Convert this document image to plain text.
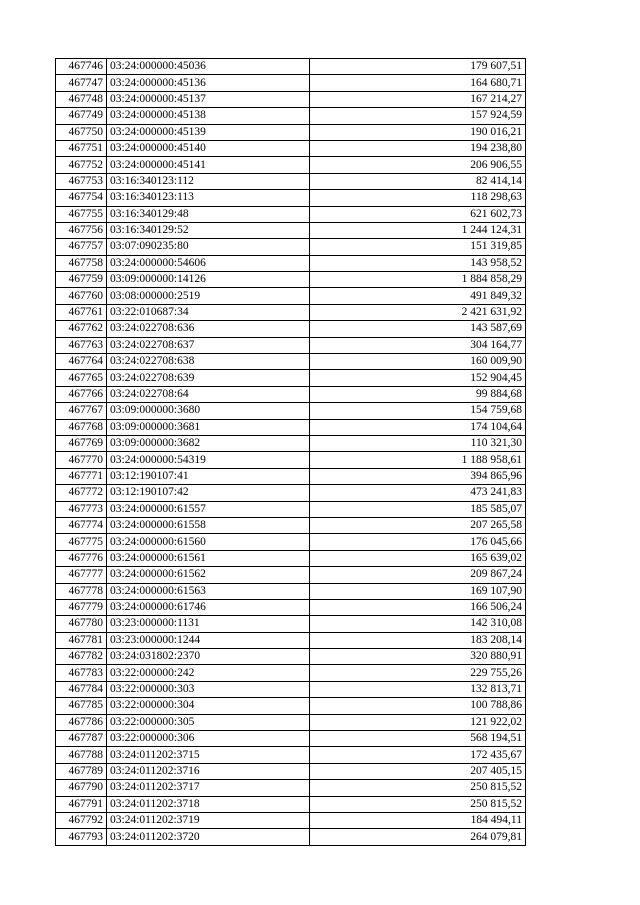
467746	03:24:000000:45036	179 607,51
467747	03:24:000000:45136	164 680,71
467748	03:24:000000:45137	167 214,27
467749	03:24:000000:45138	157 924,59
467750	03:24:000000:45139	190 016,21
467751	03:24:000000:45140	194 238,80
467752	03:24:000000:45141	206 906,55
467753	03:16:340123:112	82 414,14
467754	03:16:340123:113	118 298,63
467755	03:16:340129:48	621 602,73
467756	03:16:340129:52	1 244 124,31
467757	03:07:090235:80	151 319,85
467758	03:24:000000:54606	143 958,52
467759	03:09:000000:14126	1 884 858,29
467760	03:08:000000:2519	491 849,32
467761	03:22:010687:34	2 421 631,92
467762	03:24:022708:636	143 587,69
467763	03:24:022708:637	304 164,77
467764	03:24:022708:638	160 009,90
467765	03:24:022708:639	152 904,45
467766	03:24:022708:64	99 884,68
467767	03:09:000000:3680	154 759,68
467768	03:09:000000:3681	174 104,64
467769	03:09:000000:3682	110 321,30
467770	03:24:000000:54319	1 188 958,61
467771	03:12:190107:41	394 865,96
467772	03:12:190107:42	473 241,83
467773	03:24:000000:61557	185 585,07
467774	03:24:000000:61558	207 265,58
467775	03:24:000000:61560	176 045,66
467776	03:24:000000:61561	165 639,02
467777	03:24:000000:61562	209 867,24
467778	03:24:000000:61563	169 107,90
467779	03:24:000000:61746	166 506,24
467780	03:23:000000:1131	142 310,08
467781	03:23:000000:1244	183 208,14
467782	03:24:031802:2370	320 880,91
467783	03:22:000000:242	229 755,26
467784	03:22:000000:303	132 813,71
467785	03:22:000000:304	100 788,86
467786	03:22:000000:305	121 922,02
467787	03:22:000000:306	568 194,51
467788	03:24:011202:3715	172 435,67
467789	03:24:011202:3716	207 405,15
467790	03:24:011202:3717	250 815,52
467791	03:24:011202:3718	250 815,52
467792	03:24:011202:3719	184 494,11
467793	03:24:011202:3720	264 079,81
